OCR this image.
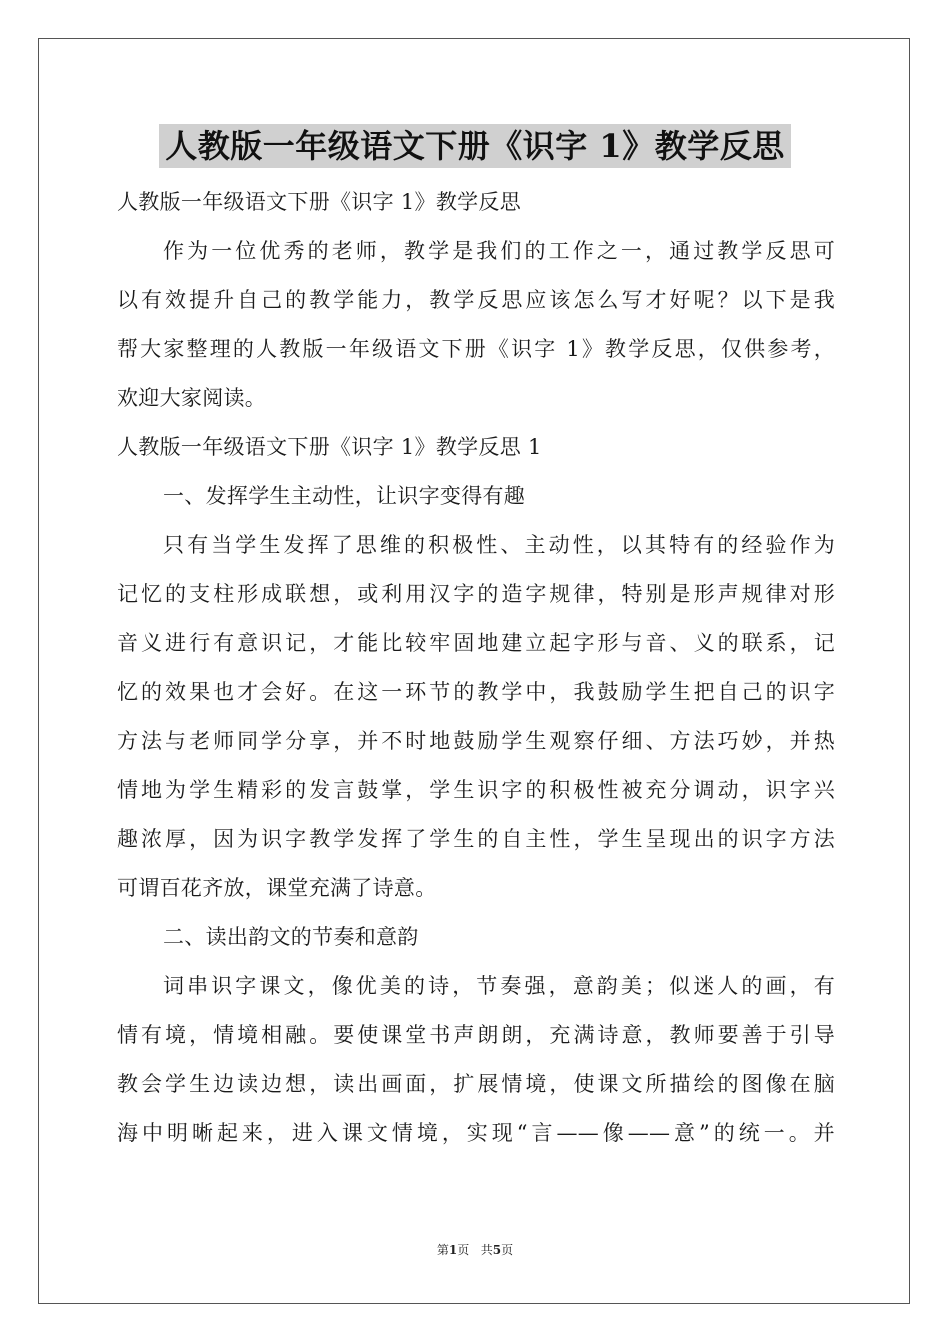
人教版一年级语文下册《识字 1》教学反思
人教版一年级语文下册《识字 1》教学反思
作为一位优秀的老师，教学是我们的工作之一，通过教学反思可
以有效提升自己的教学能力，教学反思应该怎么写才好呢？以下是我
帮大家整理的人教版一年级语文下册《识字 1》教学反思，仅供参考，
欢迎大家阅读。
人教版一年级语文下册《识字 1》教学反思 1
一、发挥学生主动性，让识字变得有趣
只有当学生发挥了思维的积极性、主动性，以其特有的经验作为
记忆的支柱形成联想，或利用汉字的造字规律，特别是形声规律对形
音义进行有意识记，才能比较牢固地建立起字形与音、义的联系，记
忆的效果也才会好。在这一环节的教学中，我鼓励学生把自己的识字
方法与老师同学分享，并不时地鼓励学生观察仔细、方法巧妙，并热
情地为学生精彩的发言鼓掌，学生识字的积极性被充分调动，识字兴
趣浓厚，因为识字教学发挥了学生的自主性，学生呈现出的识字方法
可谓百花齐放，课堂充满了诗意。
二、读出韵文的节奏和意韵
词串识字课文，像优美的诗，节奏强，意韵美；似迷人的画，有
情有境，情境相融。要使课堂书声朗朗，充满诗意，教师要善于引导
教会学生边读边想，读出画面，扩展情境，使课文所描绘的图像在脑
海中明晰起来，进入课文情境，实现“言——像——意”的统一。并
第1页 共5页
